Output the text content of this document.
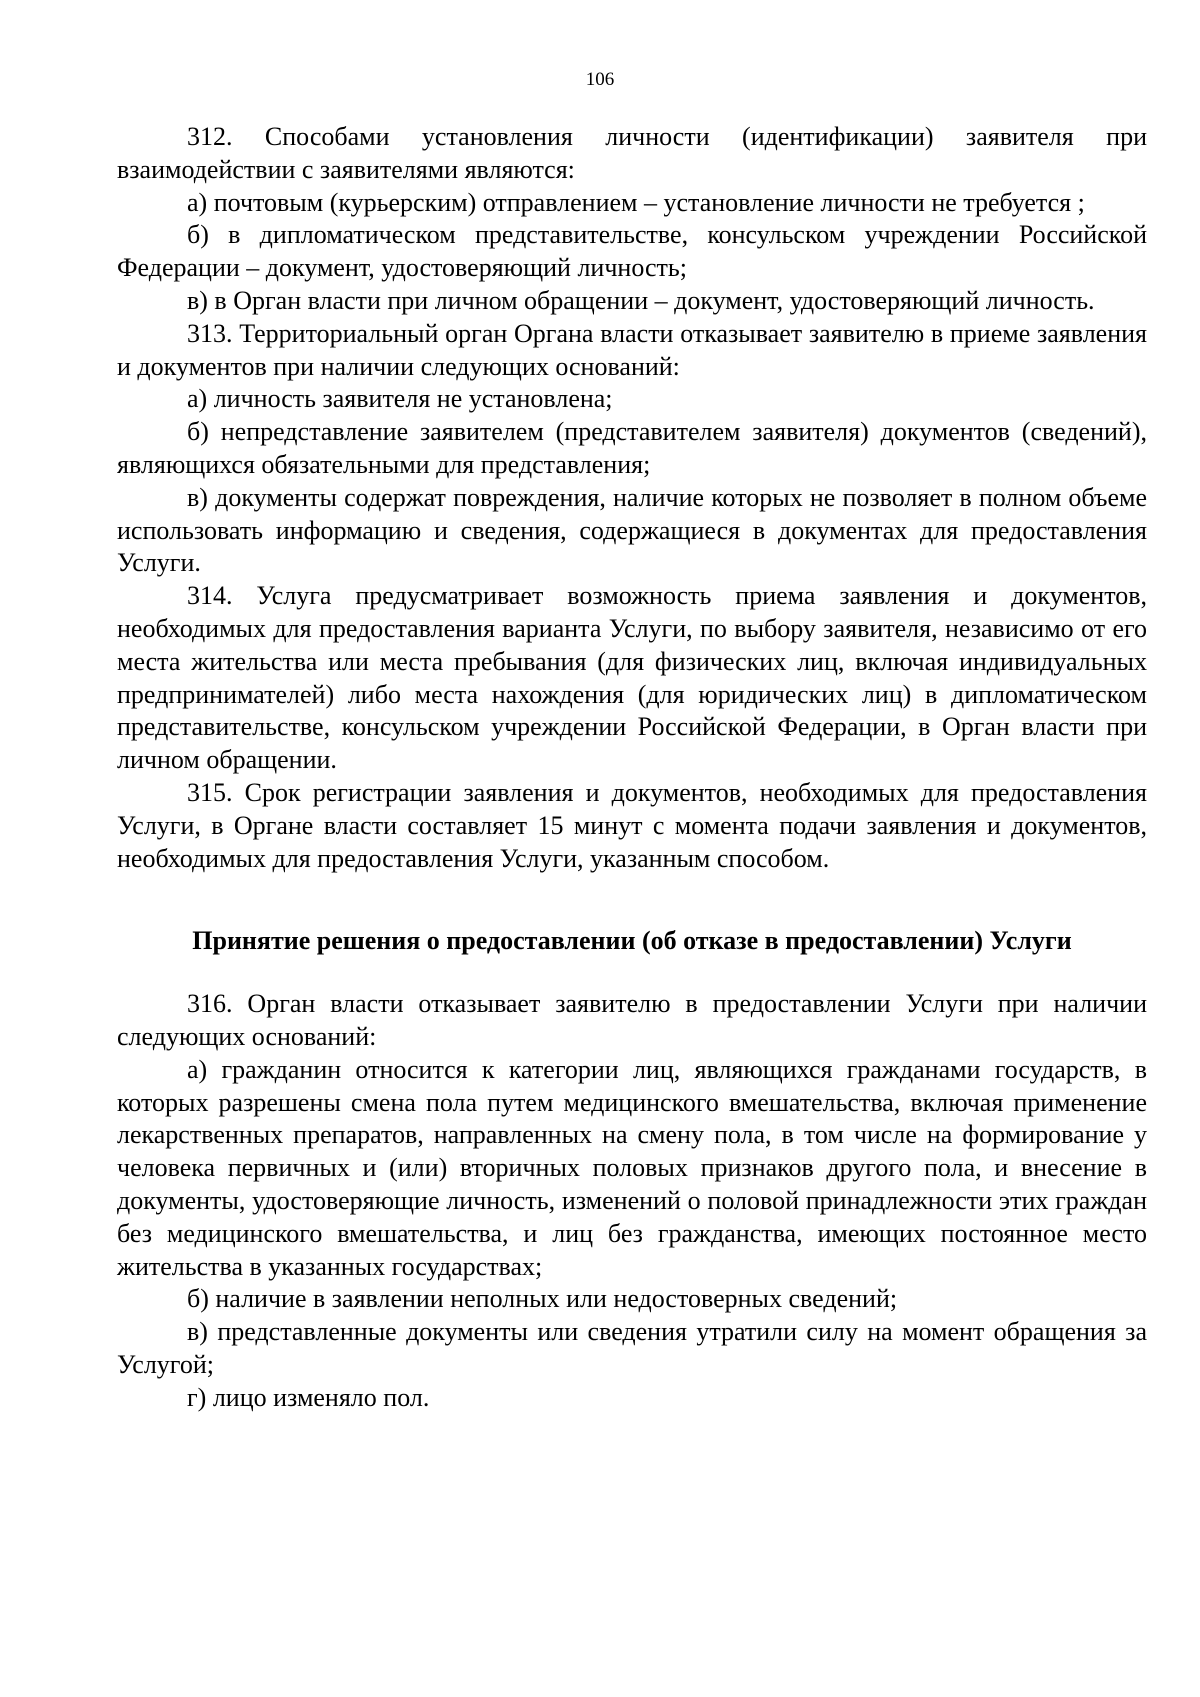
106

312. Способами установления личности (идентификации) заявителя при взаимодействии с заявителями являются:

а) почтовым (курьерским) отправлением – установление личности не требуется ;

б) в дипломатическом представительстве, консульском учреждении Российской Федерации – документ, удостоверяющий личность;

в) в Орган власти при личном обращении – документ, удостоверяющий личность.

313. Территориальный орган Органа власти отказывает заявителю в приеме заявления и документов при наличии следующих оснований:

а) личность заявителя не установлена;

б) непредставление заявителем (представителем заявителя) документов (сведений), являющихся обязательными для представления;

в) документы содержат повреждения, наличие которых не позволяет в полном объеме использовать информацию и сведения, содержащиеся в документах для предоставления Услуги.

314. Услуга предусматривает возможность приема заявления и документов, необходимых для предоставления варианта Услуги, по выбору заявителя, независимо от его места жительства или места пребывания (для физических лиц, включая индивидуальных предпринимателей) либо места нахождения (для юридических лиц) в дипломатическом представительстве, консульском учреждении Российской Федерации, в Орган власти при личном обращении.

315. Срок регистрации заявления и документов, необходимых для предоставления Услуги, в Органе власти составляет 15 минут с момента подачи заявления и документов, необходимых для предоставления Услуги, указанным способом.

Принятие решения о предоставлении (об отказе в предоставлении) Услуги

316. Орган власти отказывает заявителю в предоставлении Услуги при наличии следующих оснований:

а) гражданин относится к категории лиц, являющихся гражданами государств, в которых разрешены смена пола путем медицинского вмешательства, включая применение лекарственных препаратов, направленных на смену пола, в том числе на формирование у человека первичных и (или) вторичных половых признаков другого пола, и внесение в документы, удостоверяющие личность, изменений о половой принадлежности этих граждан без медицинского вмешательства, и лиц без гражданства, имеющих постоянное место жительства в указанных государствах;

б) наличие в заявлении неполных или недостоверных сведений;

в) представленные документы или сведения утратили силу на момент обращения за Услугой;

г) лицо изменяло пол.
